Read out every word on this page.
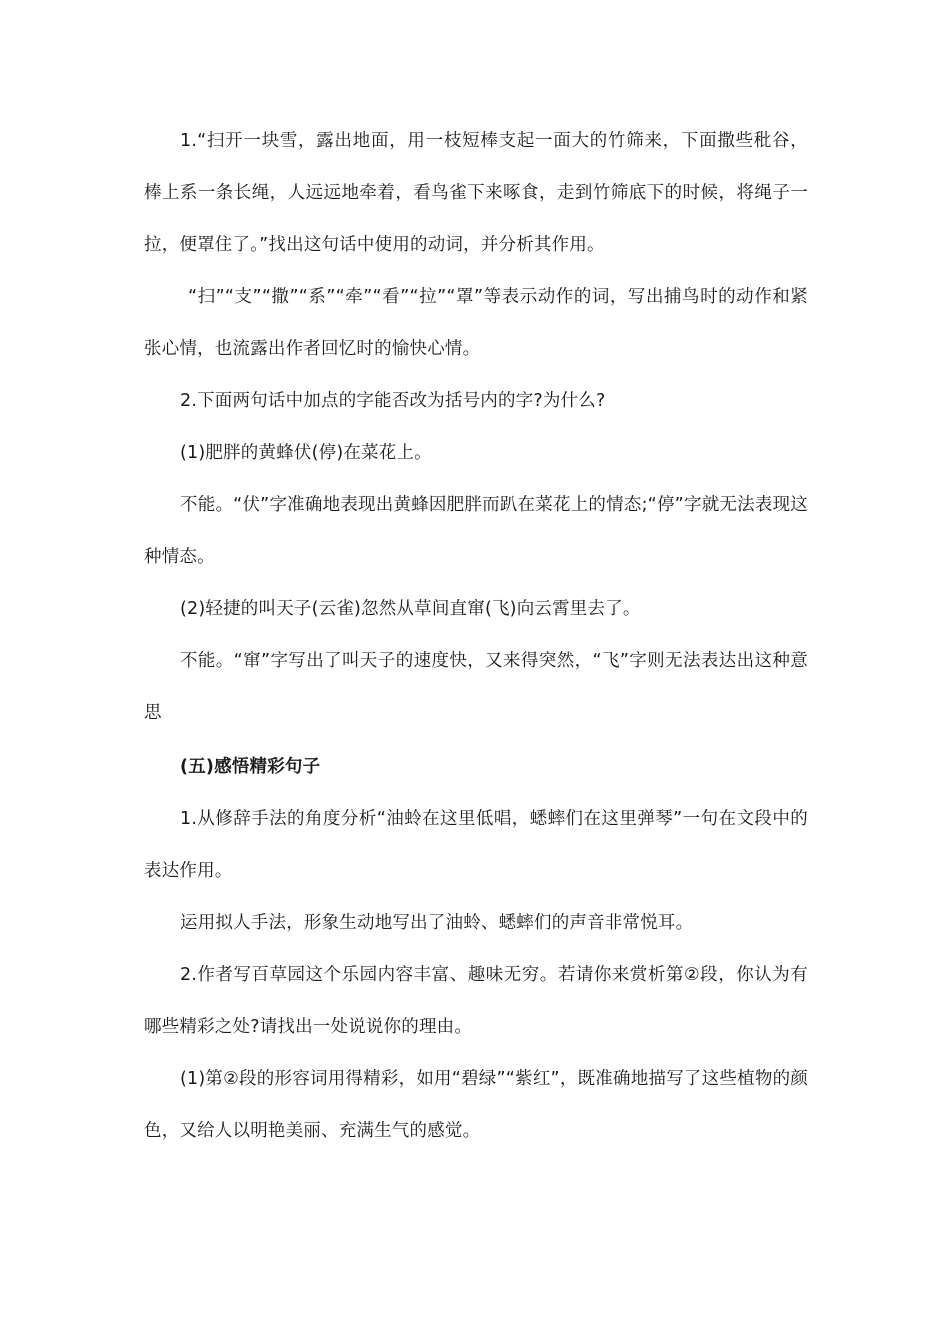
1.“扫开一块雪，露出地面，用一枝短棒支起一面大的竹筛来，下面撒些秕谷，棒上系一条长绳，人远远地牵着，看鸟雀下来啄食，走到竹筛底下的时候，将绳子一拉，便罩住了。”找出这句话中使用的动词，并分析其作用。

“扫”“支”“撒”“系”“牵”“看”“拉”“罩”等表示动作的词，写出捕鸟时的动作和紧张心情，也流露出作者回忆时的愉快心情。

2.下面两句话中加点的字能否改为括号内的字?为什么?

(1)肥胖的黄蜂伏(停)在菜花上。

不能。“伏”字准确地表现出黄蜂因肥胖而趴在菜花上的情态;“停”字就无法表现这种情态。

(2)轻捷的叫天子(云雀)忽然从草间直窜(飞)向云霄里去了。

不能。“窜”字写出了叫天子的速度快，又来得突然，“飞”字则无法表达出这种意思

(五)感悟精彩句子

1.从修辞手法的角度分析“油蛉在这里低唱，蟋蟀们在这里弹琴”一句在文段中的表达作用。

运用拟人手法，形象生动地写出了油蛉、蟋蟀们的声音非常悦耳。

2.作者写百草园这个乐园内容丰富、趣味无穷。若请你来赏析第②段，你认为有哪些精彩之处?请找出一处说说你的理由。

(1)第②段的形容词用得精彩，如用“碧绿”“紫红”，既准确地描写了这些植物的颜色，又给人以明艳美丽、充满生气的感觉。
